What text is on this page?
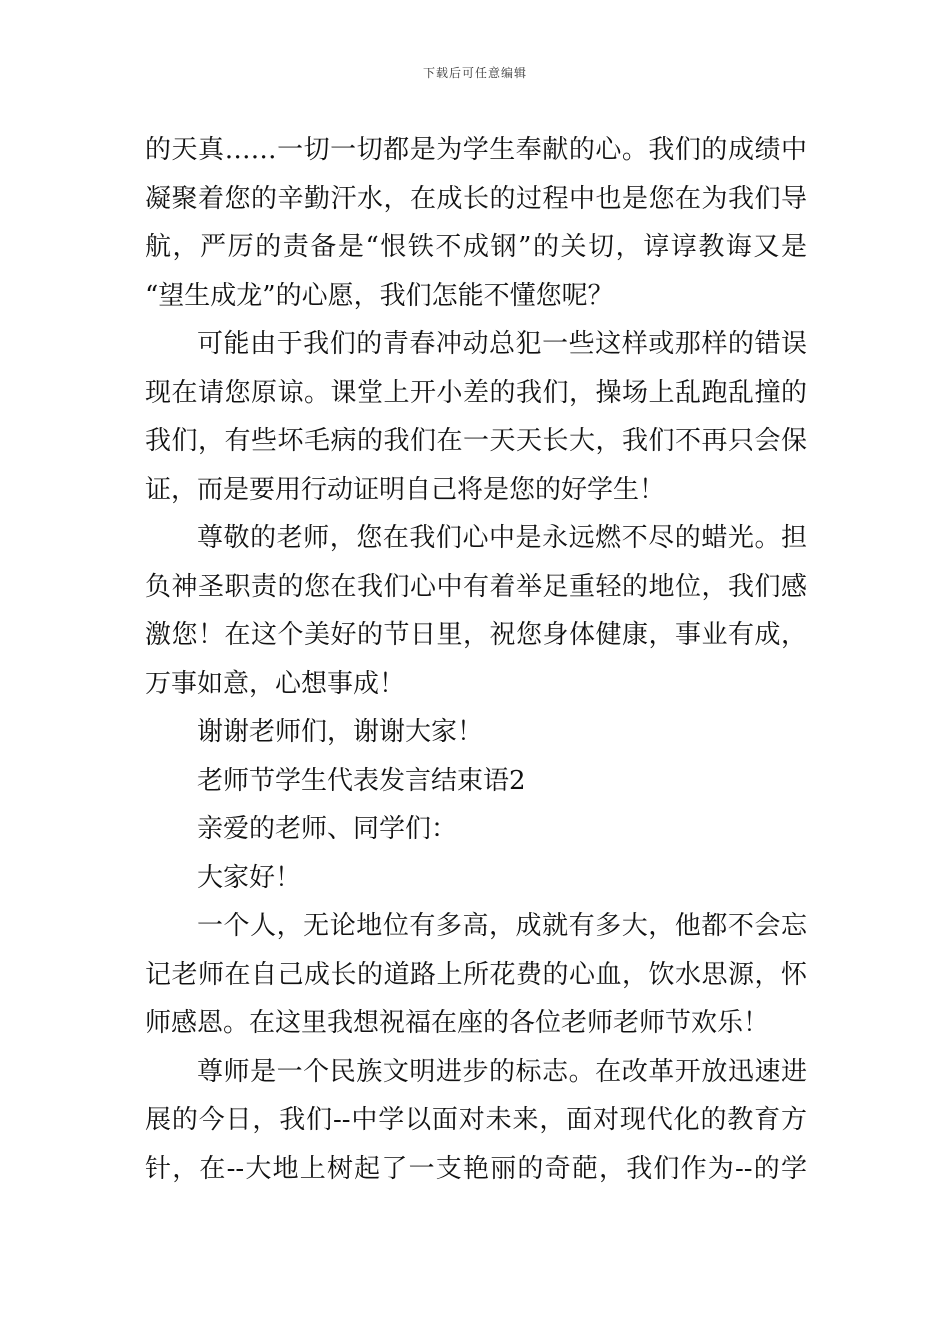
下载后可任意编辑
的天真……一切一切都是为学生奉献的心。我们的成绩中
凝聚着您的辛勤汗水，在成长的过程中也是您在为我们导
航，严厉的责备是“恨铁不成钢”的关切，谆谆教诲又是
“望生成龙”的心愿，我们怎能不懂您呢？
可能由于我们的青春冲动总犯一些这样或那样的错误
现在请您原谅。课堂上开小差的我们，操场上乱跑乱撞的
我们，有些坏毛病的我们在一天天长大，我们不再只会保
证，而是要用行动证明自己将是您的好学生！
尊敬的老师，您在我们心中是永远燃不尽的蜡光。担
负神圣职责的您在我们心中有着举足重轻的地位，我们感
激您！在这个美好的节日里，祝您身体健康，事业有成，
万事如意，心想事成！
谢谢老师们，谢谢大家！
老师节学生代表发言结束语2
亲爱的老师、同学们：
大家好！
一个人，无论地位有多高，成就有多大，他都不会忘
记老师在自己成长的道路上所花费的心血，饮水思源，怀
师感恩。在这里我想祝福在座的各位老师老师节欢乐！
尊师是一个民族文明进步的标志。在改革开放迅速进
展的今日，我们--中学以面对未来，面对现代化的教育方
针，在--大地上树起了一支艳丽的奇葩，我们作为--的学
